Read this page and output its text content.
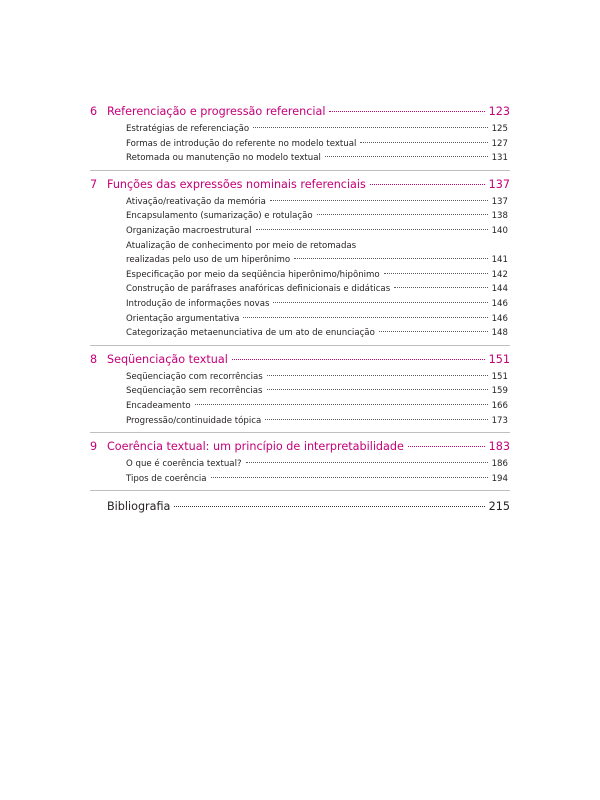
6 Referenciação e progressão referencial	123
Estratégias de referenciação	125
Formas de introdução do referente no modelo textual	127
Retomada ou manutenção no modelo textual	131
7 Funções das expressões nominais referenciais	137
Ativação/reativação da memória	137
Encapsulamento (sumarização) e rotulação	138
Organização macroestrutural	140
Atualização de conhecimento por meio de retomadas
realizadas pelo uso de um hiperônimo	141
Especificação por meio da seqüência hiperônimo/hipônimo	142
Construção de paráfrases anafóricas definicionais e didáticas	144
Introdução de informações novas	146
Orientação argumentativa	146
Categorização metaenunciativa de um ato de enunciação	148
8 Seqüenciação textual	151
Seqüenciação com recorrências	151
Seqüenciação sem recorrências	159
Encadeamento	166
Progressão/continuidade tópica	173
9 Coerência textual: um princípio de interpretabilidade	183
O que é coerência textual?	186
Tipos de coerência	194
Bibliografia	215
